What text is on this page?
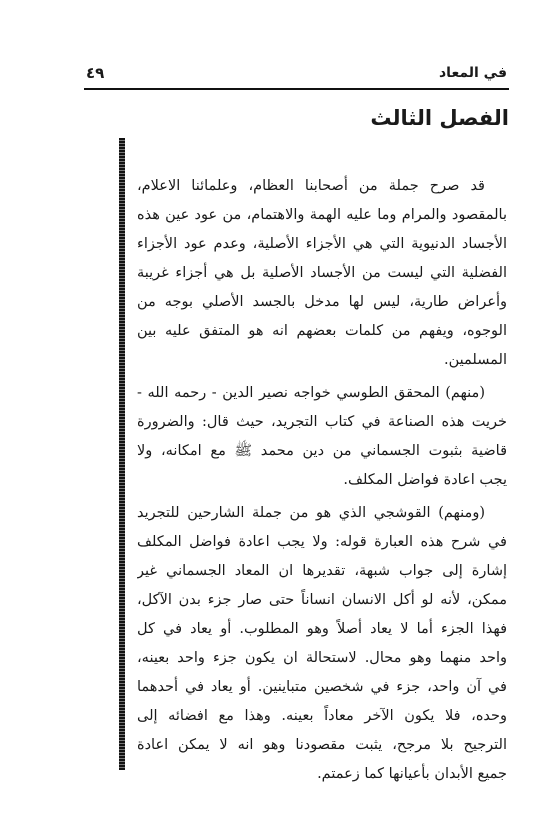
في المعاد
٤٩
الفصل الثالث
قد صرح جملة من أصحابنا العظام، وعلمائنا الاعلام،
بالمقصود والمرام وما عليه الهمة والاهتمام، من عود عين هذه
الأجساد الدنيوية التي هي الأجزاء الأصلية، وعدم عود الأجزاء
الفضلية التي ليست من الأجساد الأصلية بل هي أجزاء غريبة
وأعراض طارية، ليس لها مدخل بالجسد الأصلي بوجه من
الوجوه، ويفهم من كلمات بعضهم انه هو المتفق عليه بين
المسلمين.
(منهم) المحقق الطوسي خواجه نصير الدين - رحمه الله -
خريت هذه الصناعة في كتاب التجريد، حيث قال: والضرورة
قاضية بثبوت الجسماني من دين محمد ﷺ مع امكانه، ولا
يجب اعادة فواضل المكلف.
(ومنهم) القوشجي الذي هو من جملة الشارحين للتجريد
في شرح هذه العبارة قوله: ولا يجب اعادة فواضل المكلف
إشارة إلى جواب شبهة، تقديرها ان المعاد الجسماني غير
ممكن، لأنه لو أكل الانسان انساناً حتى صار جزء بدن الآكل،
فهذا الجزء أما لا يعاد أصلاً وهو المطلوب. أو يعاد في كل
واحد منهما وهو محال. لاستحالة ان يكون جزء واحد بعينه،
في آن واحد، جزء في شخصين متباينين. أو يعاد في أحدهما
وحده، فلا يكون الآخر معاداً بعينه. وهذا مع افضائه إلى
الترجيح بلا مرجح، يثبت مقصودنا وهو انه لا يمكن اعادة
جميع الأبدان بأعيانها كما زعمتم.
